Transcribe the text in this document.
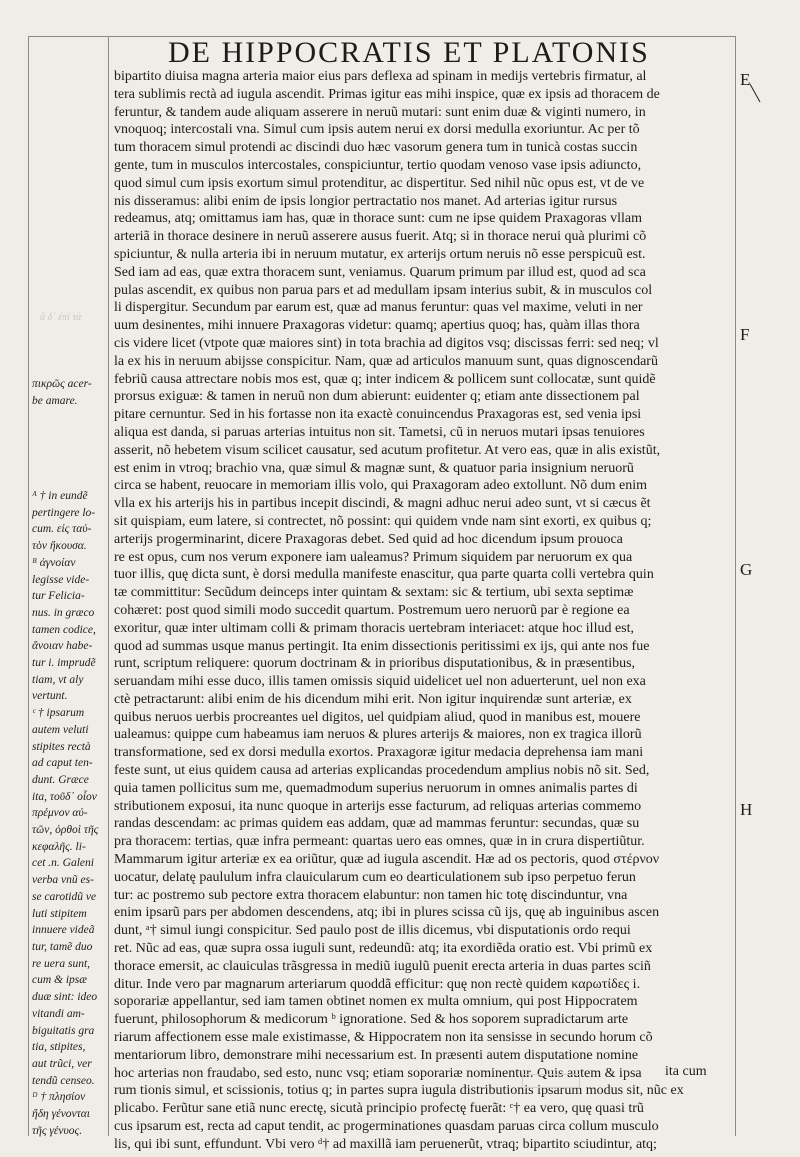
DE HIPPOCRATIS ET PLATONIS
bipartito diuisa magna arteria maior eius pars deflexa ad spinam in medijs vertebris firmatur, al
tera sublimis rectà ad iugula ascendit. Primas igitur eas mihi inspice, quæ ex ipsis ad thoracem de
feruntur, & tandem aude aliquam asserere in neruũ mutari: sunt enim duæ & viginti numero, in
vnoquoq; intercostali vna. Simul cum ipsis autem nerui ex dorsi medulla exoriuntur. Ac per tõ
tum thoracem simul protendi ac discindi duo hæc vasorum genera tum in tunicà costas succin
gente, tum in musculos intercostales, conspiciuntur, tertio quodam venoso vase ipsis adiuncto,
quod simul cum ipsis exortum simul protenditur, ac dispertitur. Sed nihil nũc opus est, vt de ve
nis disseramus: alibi enim de ipsis longior pertractatio nos manet. Ad arterias igitur rursus
redeamus, atq; omittamus iam has, quæ in thorace sunt: cum ne ipse quidem Praxagoras vllam
arteriã in thorace desinere in neruũ asserere ausus fuerit. Atq; si in thorace nerui quà plurimi cõ
spiciuntur, & nulla arteria ibi in neruum mutatur, ex arterijs ortum neruis nõ esse perspicuũ est.
Sed iam ad eas, quæ extra thoracem sunt, veniamus. Quarum primum par illud est, quod ad sca
pulas ascendit, ex quibus non parua pars et ad medullam ipsam interius subit, & in musculos col
li dispergitur. Secundum par earum est, quæ ad manus feruntur: quas vel maxime, veluti in ner
uum desinentes, mihi innuere Praxagoras videtur: quamq; apertius quoq; has, quàm illas thora
cis videre licet (vtpote quæ maiores sint) in tota brachia ad digitos vsq; discissas ferri: sed neq; vl
la ex his in neruum abijsse conspicitur. Nam, quæ ad articulos manuum sunt, quas dignoscendarũ
febriũ causa attrectare nobis mos est, quæ q; inter indicem & pollicem sunt collocatæ, sunt quidẽ
prorsus exiguæ: & tamen in neruũ non dum abierunt: euidenter q; etiam ante dissectionem pal
pitare cernuntur. Sed in his fortasse non ita exactè conuincendus Praxagoras est, sed venia ipsi
aliqua est danda, si paruas arterias intuitus non sit. Tametsi, cũ in neruos mutari ipsas tenuiores
asserit, nõ hebetem visum scilicet causatur, sed acutum profitetur. At vero eas, quæ in alis existũt,
est enim in vtroq; brachio vna, quæ simul & magnæ sunt, & quatuor paria insignium neruorũ
circa se habent, reuocare in memoriam illis volo, qui Praxagoram adeo extollunt. Nõ dum enim
vlla ex his arterijs his in partibus incepit discindi, & magni adhuc nerui adeo sunt, vt si cæcus ẽt
sit quispiam, eum latere, si contrectet, nõ possint: qui quidem vnde nam sint exorti, ex quibus q;
arterijs progerminarint, dicere Praxagoras debet. Sed quid ad hoc dicendum ipsum prouoca
re est opus, cum nos verum exponere iam ualeamus? Primum siquidem par neruorum ex qua
tuor illis, quę dicta sunt, è dorsi medulla manifeste enascitur, qua parte quarta colli vertebra quin
tæ committitur: Secũdum deinceps inter quintam & sextam: sic & tertium, ubi sexta septimæ
cohæret: post quod simili modo succedit quartum. Postremum uero neruorũ par è regione ea
exoritur, quæ inter ultimam colli & primam thoracis uertebram interiacet: atque hoc illud est,
quod ad summas usque manus pertingit. Ita enim dissectionis peritissimi ex ijs, qui ante nos fue
runt, scriptum reliquere: quorum doctrinam & in prioribus disputationibus, & in præsentibus,
seruandam mihi esse duco, illis tamen omissis siquid uidelicet uel non aduerterunt, uel non exa
ctè petractarunt: alibi enim de his dicendum mihi erit. Non igitur inquirendæ sunt arteriæ, ex
quibus neruos uerbis procreantes uel digitos, uel quidpiam aliud, quod in manibus est, mouere
ualeamus: quippe cum habeamus iam neruos & plures arterijs & maiores, non ex tragica illorũ
transformatione, sed ex dorsi medulla exortos. Praxagoræ igitur medacia deprehensa iam mani
feste sunt, ut eius quidem causa ad arterias explicandas procedendum amplius nobis nõ sit. Sed,
quia tamen pollicitus sum me, quemadmodum superius neruorum in omnes animalis partes di
stributionem exposui, ita nunc quoque in arterijs esse facturum, ad reliquas arterias commemo
randas descendam: ac primas quidem eas addam, quæ ad mammas feruntur: secundas, quæ su
pra thoracem: tertias, quæ infra permeant: quartas uero eas omnes, quæ in in crura dispertiũtur.
Mammarum igitur arteriæ ex ea oriũtur, quæ ad iugula ascendit. Hæ ad os pectoris, quod στέρνον
uocatur, delatę paululum infra clauicularum cum eo dearticulationem sub ipso perpetuo ferun
tur: ac postremo sub pectore extra thoracem elabuntur: non tamen hic totę discinduntur, vna
enim ipsarũ pars per abdomen descendens, atq; ibi in plures scissa cũ ijs, quę ab inguinibus ascen
dunt, ᵃ† simul iungi conspicitur. Sed paulo post de illis dicemus, vbi disputationis ordo requi
ret. Nũc ad eas, quæ supra ossa iuguli sunt, redeundũ: atq; ita exordiẽda oratio est. Vbi primũ ex
thorace emersit, ac clauiculas trãsgressa in mediũ iugulũ puenit erecta arteria in duas partes sciñ
ditur. Inde vero par magnarum arteriarum quoddã efficitur: quę non rectè quidem καρωτίδες i.
soporariæ appellantur, sed iam tamen obtinet nomen ex multa omnium, qui post Hippocratem
fuerunt, philosophorum & medicorum ᵇ ignoratione. Sed & hos soporem supradictarum arte
riarum affectionem esse male existimasse, & Hippocratem non ita sensisse in secundo horum cõ
mentariorum libro, demonstrare mihi necessarium est. In præsenti autem disputatione nomine
hoc arterias non fraudabo, sed esto, nunc vsq; etiam soporariæ nominentur. Quis autem & ipsa
rum tionis simul, et scissionis, totius q; in partes supra iugula distributionis ipsarum modus sit, nũc ex
plicabo. Ferũtur sane etiã nunc erectę, sicutà principio profectę fuerãt: ᶜ† ea vero, quę quasi trũ
cus ipsarum est, recta ad caput tendit, ac progerminationes quasdam paruas circa collum musculo
lis, qui ibi sunt, effundunt. Vbi vero ᵈ† ad maxillã iam peruenerũt, vtraq; bipartito sciudintur, atq;
ita cum
E
F
G
H
ἃ δ᾽ ἐπὶ τὰ
πικρῶς acer-
be amare.
ᴬ † in eundẽ
pertingere lo-
cum. εἰς ταὐ-
τὸν ἥκουσα.
ᴮ ἀγνοίαν
legisse vide-
tur Felicia-
nus. in græco
tamen codice,
ἄνοιαν habe-
tur i. imprudẽ
tiam, vt aly
vertunt.
ᶜ † ipsarum
autem veluti
stipites rectà
ad caput ten-
dunt. Græce
ita, τοῦδ᾽ οἷον
πρέμνον αὐ-
τῶν, ὀρθοὶ τῆς
κεφαλῆς. li-
cet .n. Galeni
verba vnũ es-
se carotidũ ve
luti stipitem
innuere videã
tur, tamẽ duo
re uera sunt,
cum & ipsæ
duæ sint: ideo
vitandi am-
biguitatis gra
tia, stipites,
aut trũci, ver
tendũ censeo.
ᴰ † πλησίον
ἤδη γένονται
τῆς γένυος.
